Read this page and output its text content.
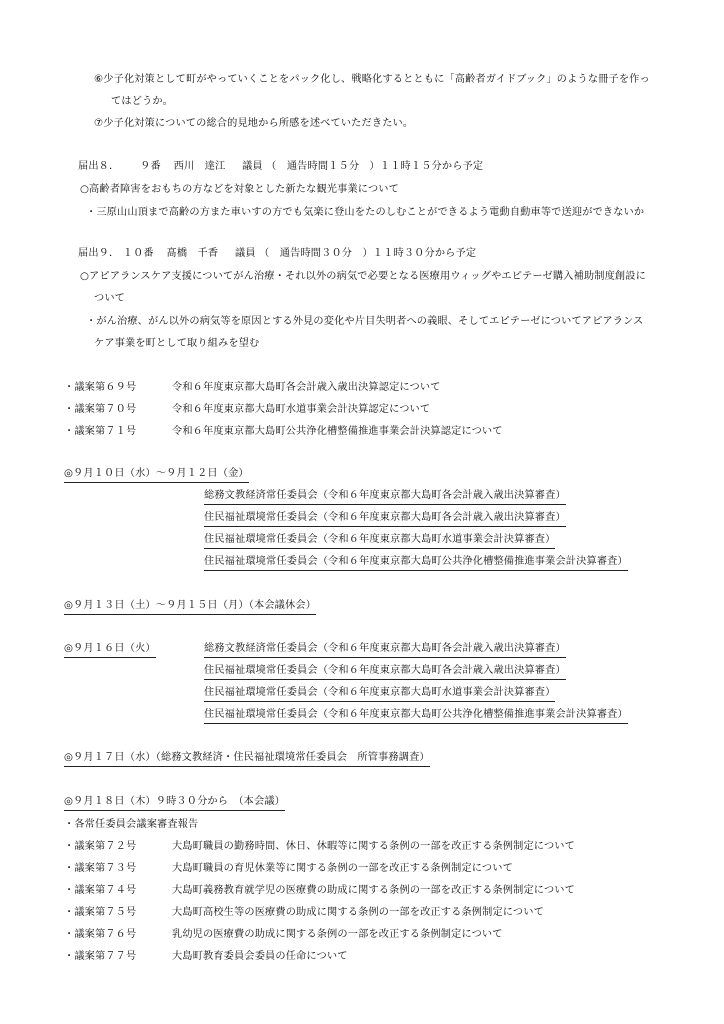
⑥少子化対策として町がやっていくことをパック化し、戦略化するとともに「高齢者ガイドブック」のような冊子を作っ
てはどうか。
⑦少子化対策についての総合的見地から所感を述べていただきたい。
届出８． ９番 西川　達江 議員 （　通告時間１５分　）１１時１５分から予定
○高齢者障害をおもちの方などを対象とした新たな観光事業について
・三原山山頂まで高齢の方また車いすの方でも気楽に登山をたのしむことができるよう電動自動車等で送迎ができないか
届出９． １０番 髙橋　千香 議員 （　通告時間３０分　）１１時３０分から予定
○アピアランスケア支援についてがん治療・それ以外の病気で必要となる医療用ウィッグやエピテーゼ購入補助制度創設に
ついて
・がん治療、がん以外の病気等を原因とする外見の変化や片目失明者への義眼、そしてエピテーゼについてアピアランス
ケア事業を町として取り組みを望む
・議案第６９号	令和６年度東京都大島町各会計歳入歳出決算認定について
・議案第７０号	令和６年度東京都大島町水道事業会計決算認定について
・議案第７１号	令和６年度東京都大島町公共浄化槽整備推進事業会計決算認定について
◎９月１０日（水）～９月１２日（金）
総務文教経済常任委員会（令和６年度東京都大島町各会計歳入歳出決算審査）
住民福祉環境常任委員会（令和６年度東京都大島町各会計歳入歳出決算審査）
住民福祉環境常任委員会（令和６年度東京都大島町水道事業会計決算審査）
住民福祉環境常任委員会（令和６年度東京都大島町公共浄化槽整備推進事業会計決算審査）
◎９月１３日（土）～９月１５日（月）（本会議休会）
◎９月１６日（火）	総務文教経済常任委員会（令和６年度東京都大島町各会計歳入歳出決算審査）
住民福祉環境常任委員会（令和６年度東京都大島町各会計歳入歳出決算審査）
住民福祉環境常任委員会（令和６年度東京都大島町水道事業会計決算審査）
住民福祉環境常任委員会（令和６年度東京都大島町公共浄化槽整備推進事業会計決算審査）
◎９月１７日（水）（総務文教経済・住民福祉環境常任委員会　所管事務調査）
◎９月１８日（木）９時３０分から　（本会議）
・各常任委員会議案審査報告
・議案第７２号	大島町職員の勤務時間、休日、休暇等に関する条例の一部を改正する条例制定について
・議案第７３号	大島町職員の育児休業等に関する条例の一部を改正する条例制定について
・議案第７４号	大島町義務教育就学児の医療費の助成に関する条例の一部を改正する条例制定について
・議案第７５号	大島町高校生等の医療費の助成に関する条例の一部を改正する条例制定について
・議案第７６号	乳幼児の医療費の助成に関する条例の一部を改正する条例制定について
・議案第７７号	大島町教育委員会委員の任命について
